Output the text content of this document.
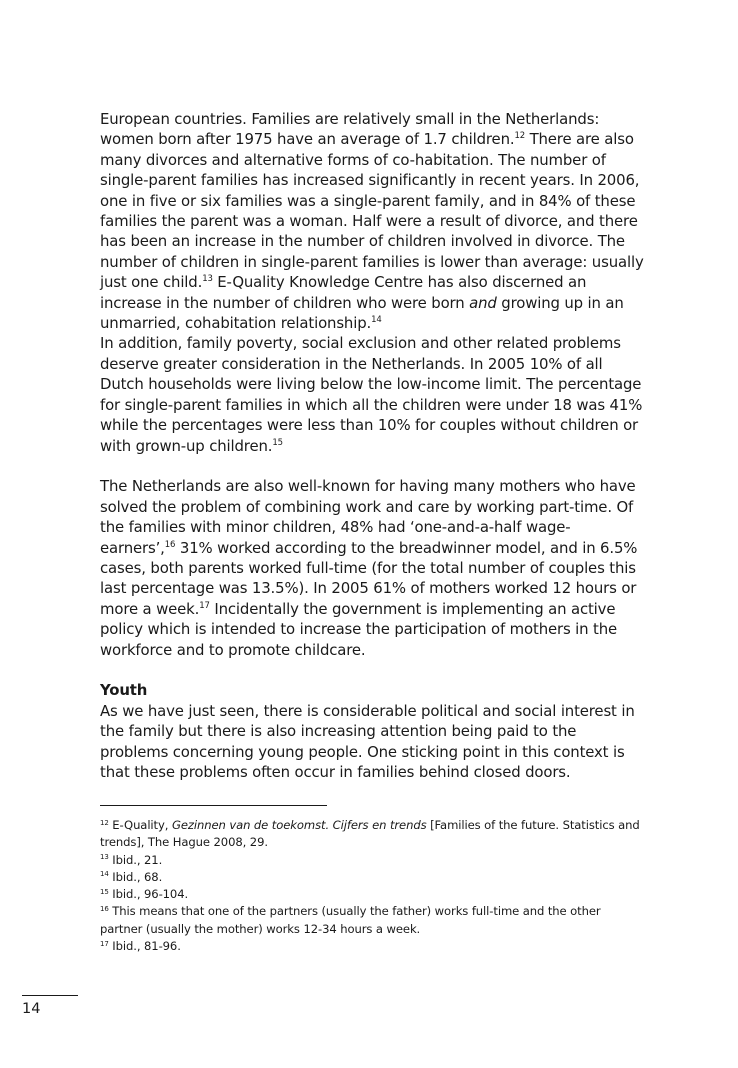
European countries. Families are relatively small in the Netherlands: women born after 1975 have an average of 1.7 children.$^{12}$ There are also many divorces and alternative forms of co-habitation. The number of single-parent families has increased significantly in recent years. In 2006, one in five or six families was a single-parent family, and in 84% of these families the parent was a woman. Half were a result of divorce, and there has been an increase in the number of children involved in divorce. The number of children in single-parent families is lower than average: usually just one child.$^{13}$ E-Quality Knowledge Centre has also discerned an increase in the number of children who were born and growing up in an unmarried, cohabitation relationship.$^{14}$

In addition, family poverty, social exclusion and other related problems deserve greater consideration in the Netherlands. In 2005 10% of all Dutch households were living below the low-income limit. The percentage for single-parent families in which all the children were under 18 was 41% while the percentages were less than 10% for couples without children or with grown-up children.$^{15}$

The Netherlands are also well-known for having many mothers who have solved the problem of combining work and care by working part-time. Of the families with minor children, 48% had ‘one-and-a-half wage-earners’,$^{16}$ 31% worked according to the breadwinner model, and in 6.5% cases, both parents worked full-time (for the total number of couples this last percentage was 13.5%). In 2005 61% of mothers worked 12 hours or more a week.$^{17}$ Incidentally the government is implementing an active policy which is intended to increase the participation of mothers in the workforce and to promote childcare.

Youth

As we have just seen, there is considerable political and social interest in the family but there is also increasing attention being paid to the problems concerning young people. One sticking point in this context is that these problems often occur in families behind closed doors.

$^{12}$ E-Quality, Gezinnen van de toekomst. Cijfers en trends [Families of the future. Statistics and trends], The Hague 2008, 29.

$^{13}$ Ibid., 21.

$^{14}$ Ibid., 68.

$^{15}$ Ibid., 96-104.

$^{16}$ This means that one of the partners (usually the father) works full-time and the other partner (usually the mother) works 12-34 hours a week.

$^{17}$ Ibid., 81-96.

14
